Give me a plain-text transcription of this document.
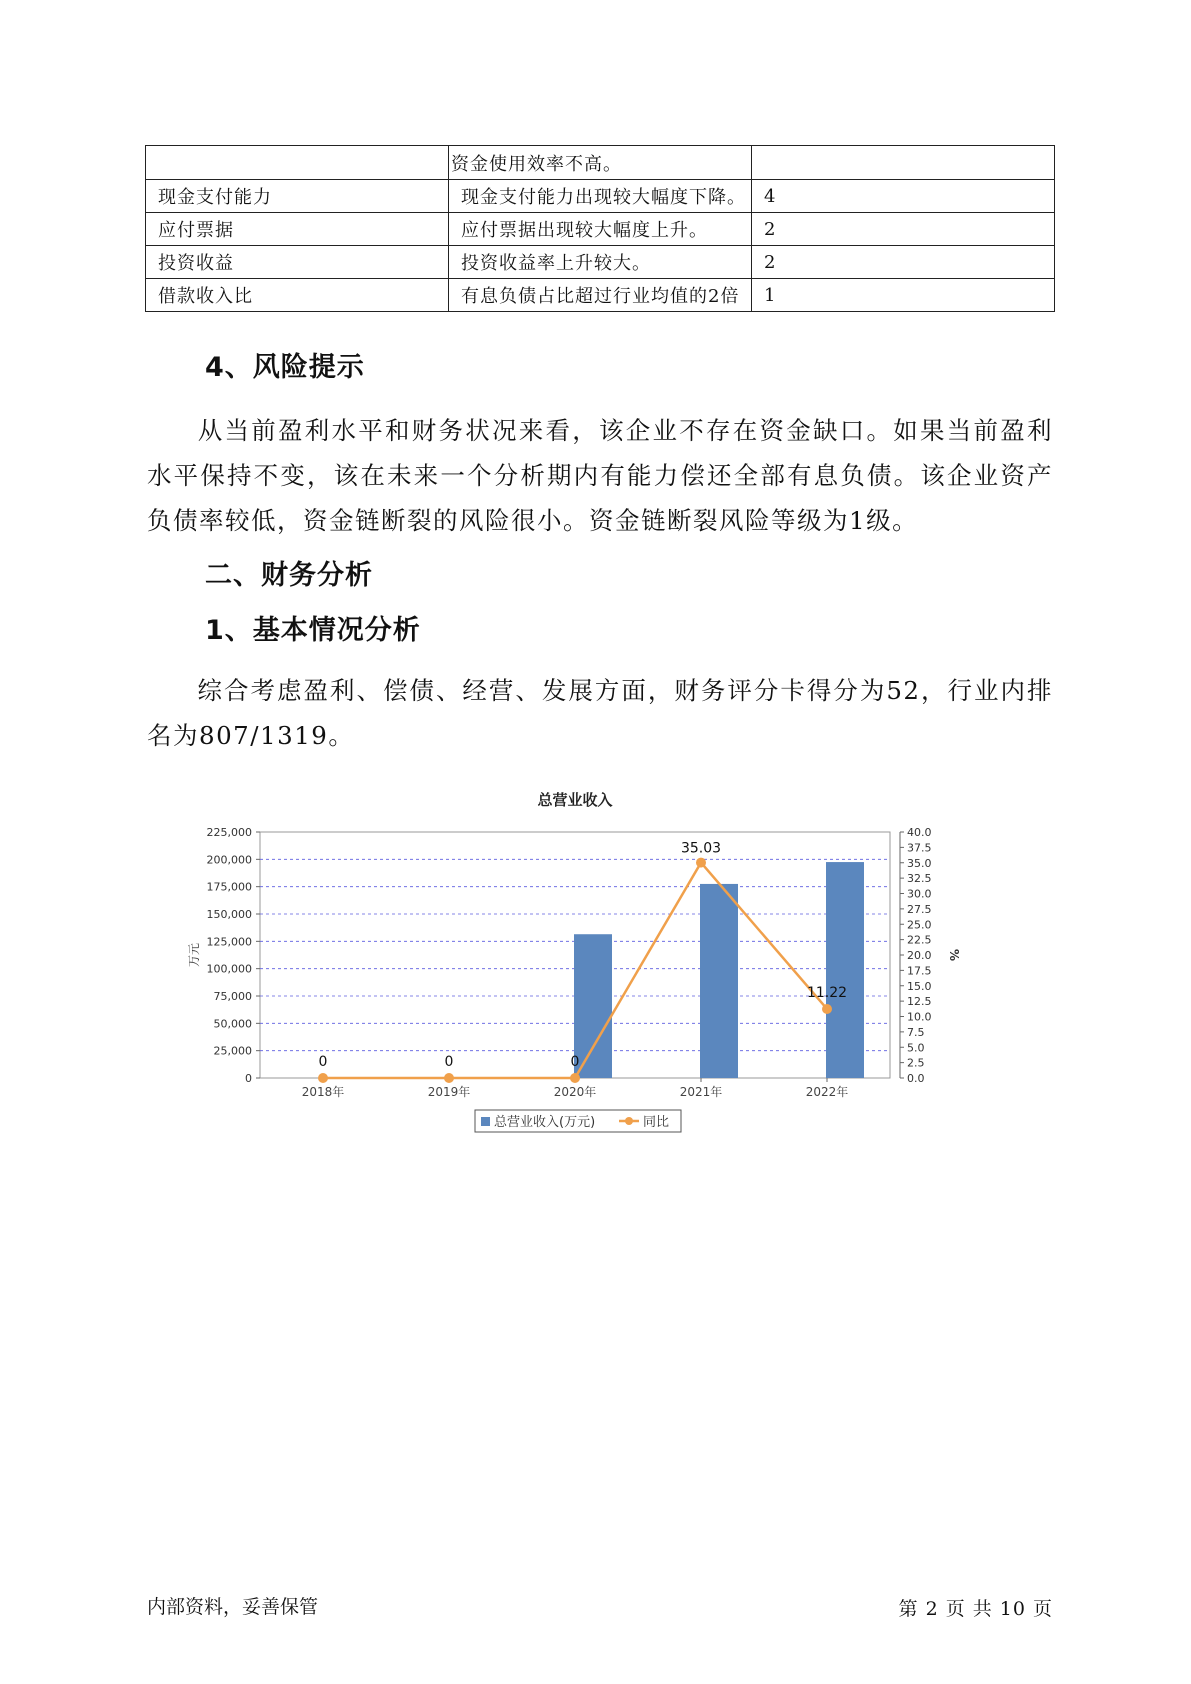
	资金使用效率不高。	
现金支付能力	现金支付能力出现较大幅度下降。	4
应付票据	应付票据出现较大幅度上升。	2
投资收益	投资收益率上升较大。	2
借款收入比	有息负债占比超过行业均值的2倍	1
4、风险提示

从当前盈利水平和财务状况来看，该企业不存在资金缺口。如果当前盈利水平保持不变，该在未来一个分析期内有能力偿还全部有息负债。该企业资产负债率较低，资金链断裂的风险很小。资金链断裂风险等级为1级。

二、财务分析
1、基本情况分析

综合考虑盈利、偿债、经营、发展方面，财务评分卡得分为52，行业内排名为807/1319。

总营业收入
0
25,000
50,000
75,000
100,000
125,000
150,000
175,000
200,000
225,000
0.0
2.5
5.0
7.5
10.0
12.5
15.0
17.5
20.0
22.5
25.0
27.5
30.0
32.5
35.0
37.5
40.0
万元	%
2018年	2019年	2020年	2021年	2022年
0	0	0
35.03
11.22
总营业收入(万元)	同比
内部资料，妥善保管	第 2 页 共 10 页
